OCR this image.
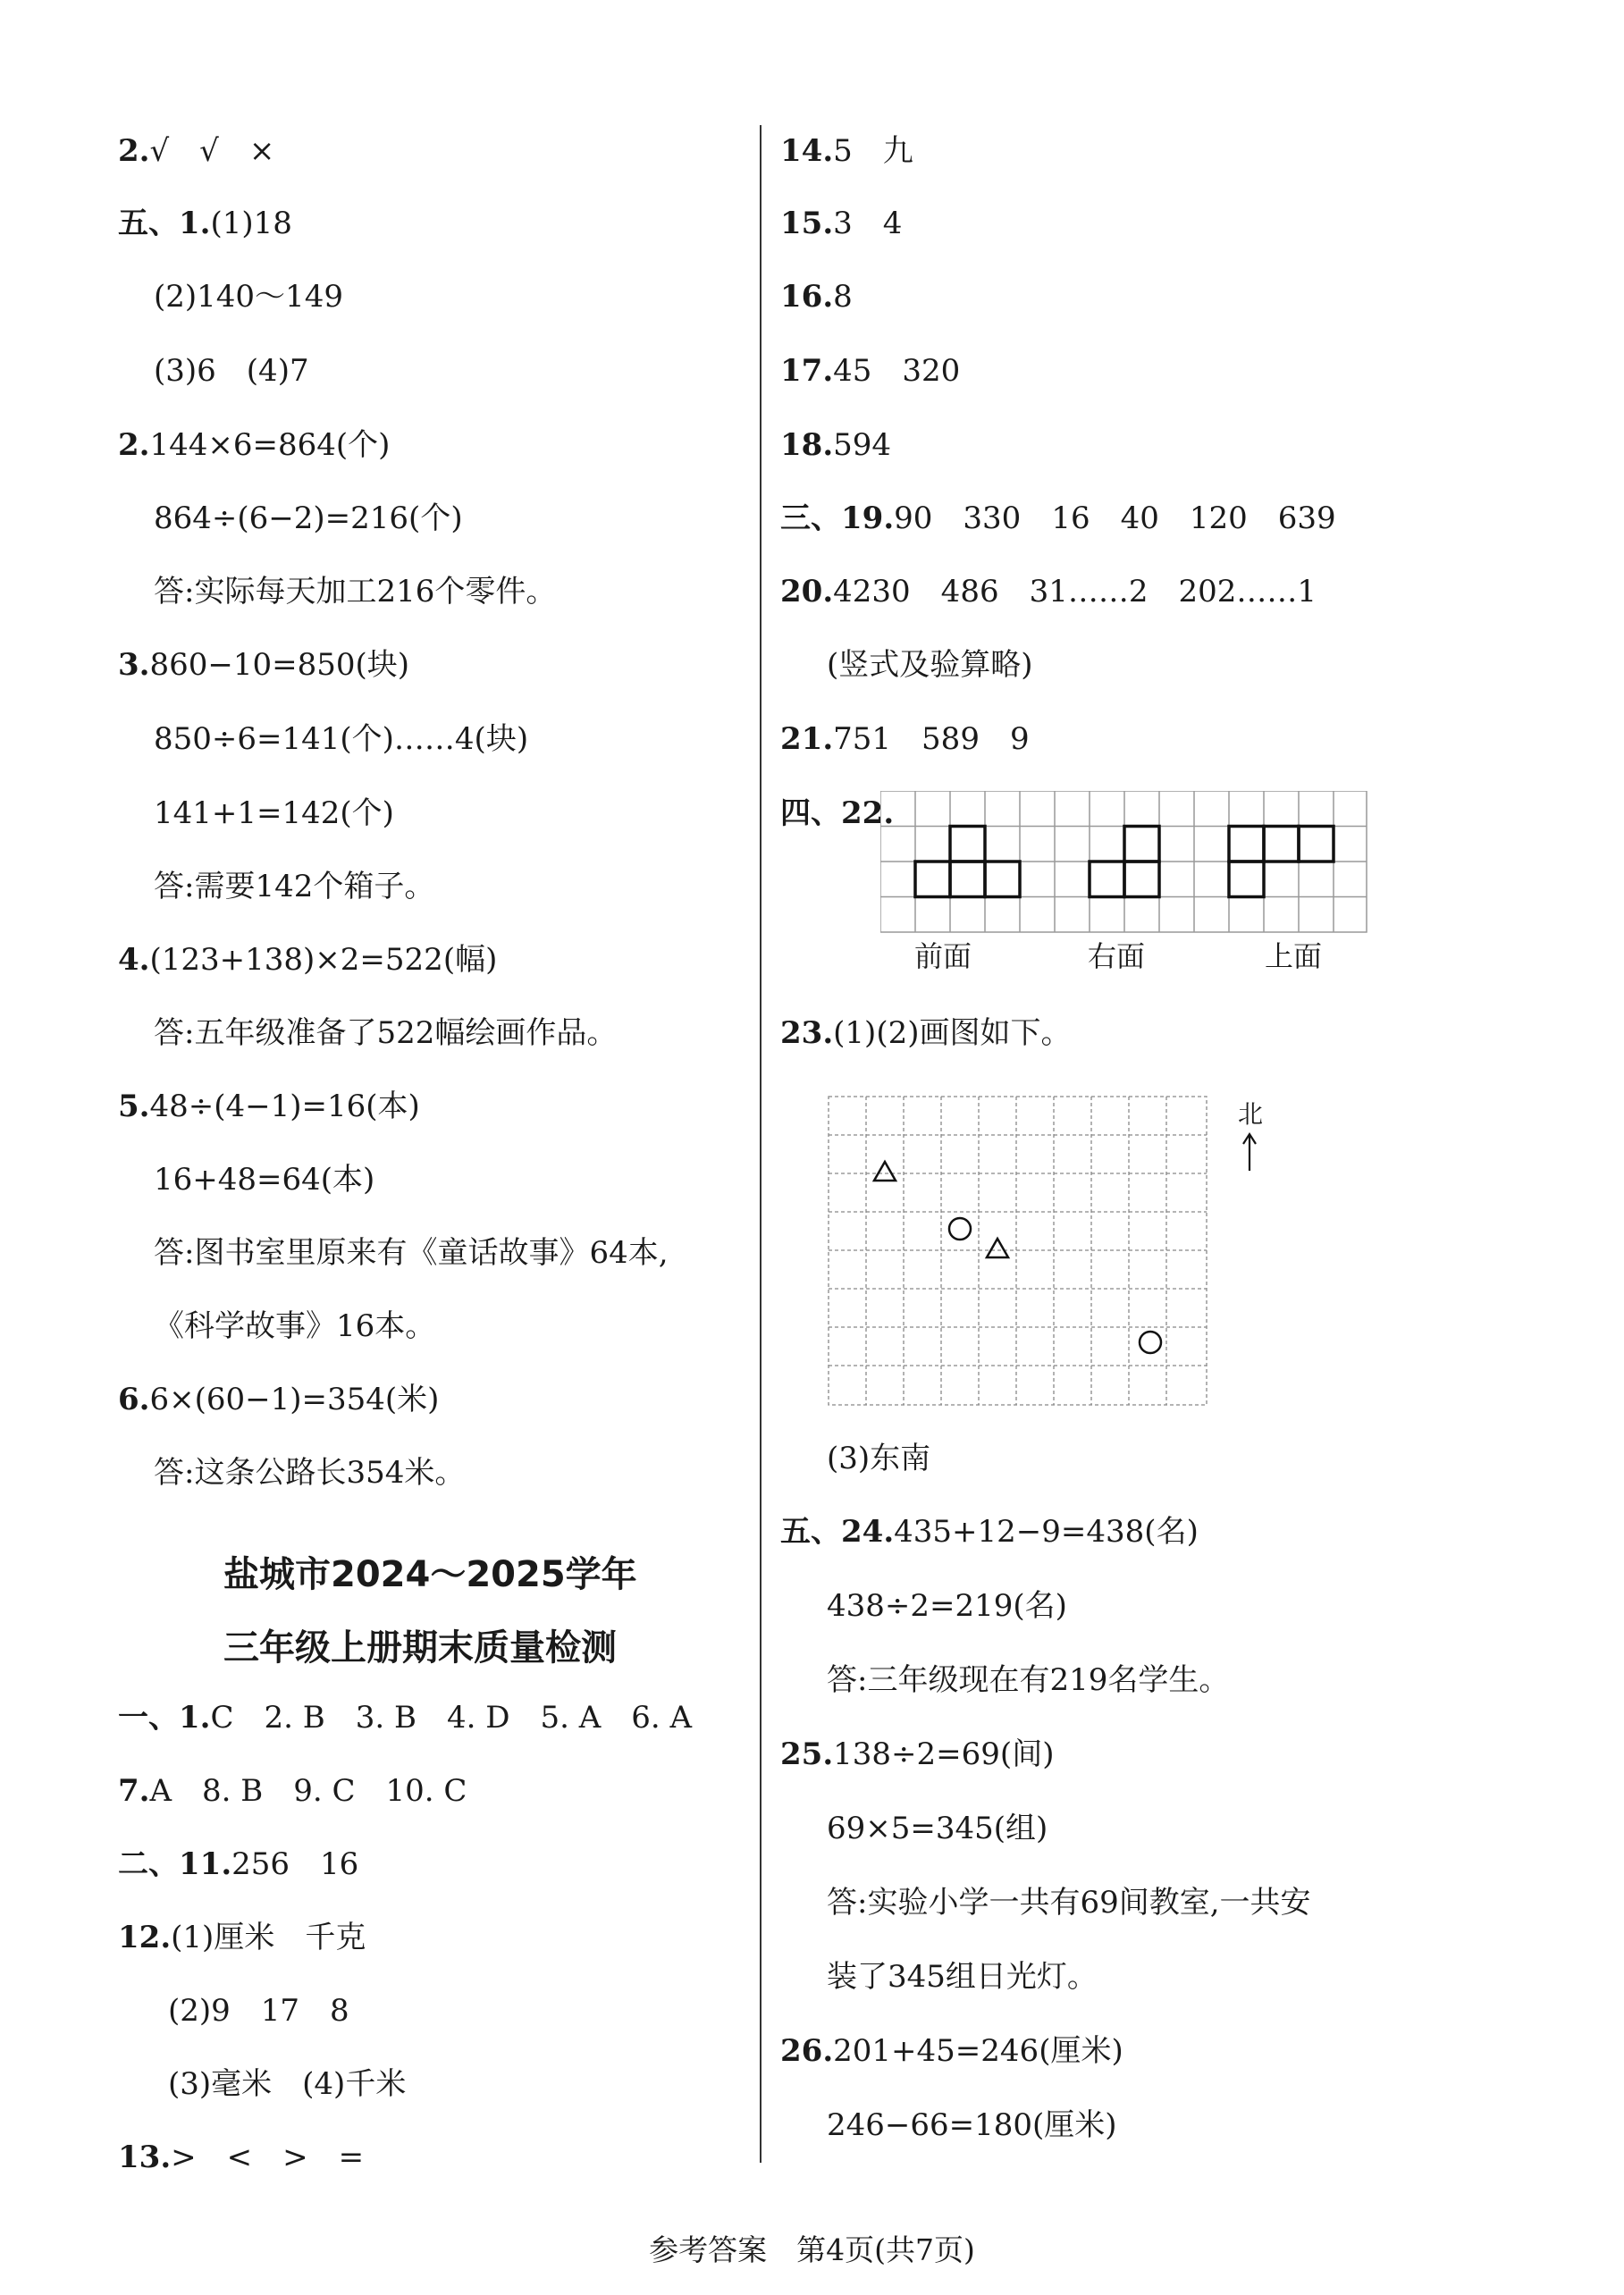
2.√　√　×
五、1.(1)18
(2)140～149
(3)6　(4)7
2.144×6=864(个)
864÷(6−2)=216(个)
答:实际每天加工216个零件。
3.860−10=850(块)
850÷6=141(个)……4(块)
141+1=142(个)
答:需要142个箱子。
4.(123+138)×2=522(幅)
答:五年级准备了522幅绘画作品。
5.48÷(4−1)=16(本)
16+48=64(本)
答:图书室里原来有《童话故事》64本,
《科学故事》16本。
6.6×(60−1)=354(米)
答:这条公路长354米。
盐城市2024～2025学年
三年级上册期末质量检测
一、1.C　2. B　3. B　4. D　5. A　6. A
7.A　8. B　9. C　10. C
二、11.256　16
12.(1)厘米　千克
(2)9　17　8
(3)毫米　(4)千米
13.>　<　>　=
14.5　九
15.3　4
16.8
17.45　320
18.594
三、19.90　330　16　40　120　639
20.4230　486　31……2　202……1
(竖式及验算略)
21.751　589　9
四、22.
前面	右面	上面
23.(1)(2)画图如下。
北
(3)东南
五、24.435+12−9=438(名)
438÷2=219(名)
答:三年级现在有219名学生。
25.138÷2=69(间)
69×5=345(组)
答:实验小学一共有69间教室,一共安
装了345组日光灯。
26.201+45=246(厘米)
246−66=180(厘米)
参考答案　第4页(共7页)
